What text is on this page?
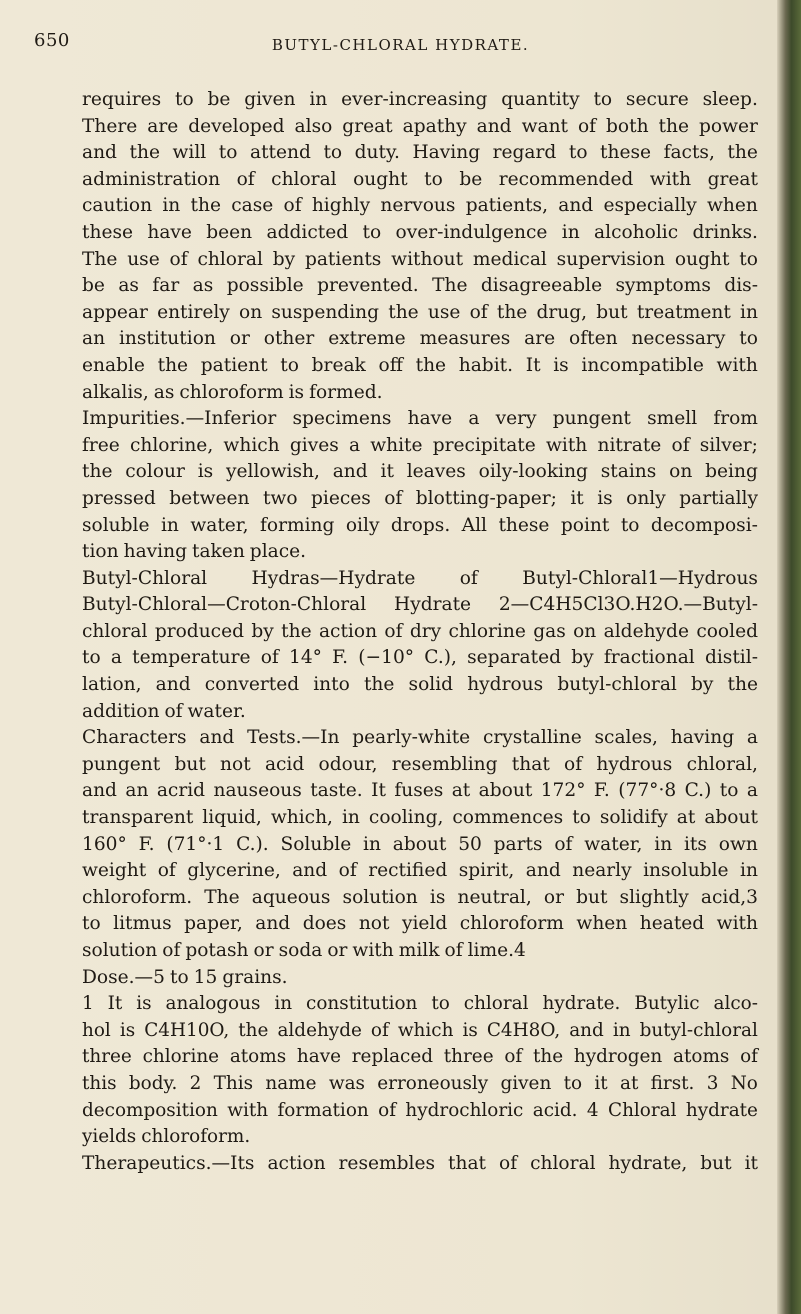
650	BUTYL-CHLORAL HYDRATE.
requires to be given in ever-increasing quantity to secure sleep.
There are developed also great apathy and want of both the power
and the will to attend to duty. Having regard to these facts, the
administration of chloral ought to be recommended with great
caution in the case of highly nervous patients, and especially when
these have been addicted to over-indulgence in alcoholic drinks.
The use of chloral by patients without medical supervision ought to
be as far as possible prevented. The disagreeable symptoms dis-
appear entirely on suspending the use of the drug, but treatment in
an institution or other extreme measures are often necessary to
enable the patient to break off the habit. It is incompatible with
alkalis, as chloroform is formed.
Impurities.—Inferior specimens have a very pungent smell from
free chlorine, which gives a white precipitate with nitrate of silver;
the colour is yellowish, and it leaves oily-looking stains on being
pressed between two pieces of blotting-paper; it is only partially
soluble in water, forming oily drops. All these point to decomposi-
tion having taken place.
Butyl-Chloral Hydras—Hydrate of Butyl-Chloral1—Hydrous
Butyl-Chloral—Croton-Chloral Hydrate 2—C4H5Cl3O.H2O.—Butyl-
chloral produced by the action of dry chlorine gas on aldehyde cooled
to a temperature of 14° F. (−10° C.), separated by fractional distil-
lation, and converted into the solid hydrous butyl-chloral by the
addition of water.
Characters and Tests.—In pearly-white crystalline scales, having a
pungent but not acid odour, resembling that of hydrous chloral,
and an acrid nauseous taste. It fuses at about 172° F. (77°·8 C.) to a
transparent liquid, which, in cooling, commences to solidify at about
160° F. (71°·1 C.). Soluble in about 50 parts of water, in its own
weight of glycerine, and of rectified spirit, and nearly insoluble in
chloroform. The aqueous solution is neutral, or but slightly acid,3
to litmus paper, and does not yield chloroform when heated with
solution of potash or soda or with milk of lime.4
Dose.—5 to 15 grains.
1 It is analogous in constitution to chloral hydrate. Butylic alco-
hol is C4H10O, the aldehyde of which is C4H8O, and in butyl-chloral
three chlorine atoms have replaced three of the hydrogen atoms of
this body. 2 This name was erroneously given to it at first. 3 No
decomposition with formation of hydrochloric acid. 4 Chloral hydrate
yields chloroform.
Therapeutics.—Its action resembles that of chloral hydrate, but it
